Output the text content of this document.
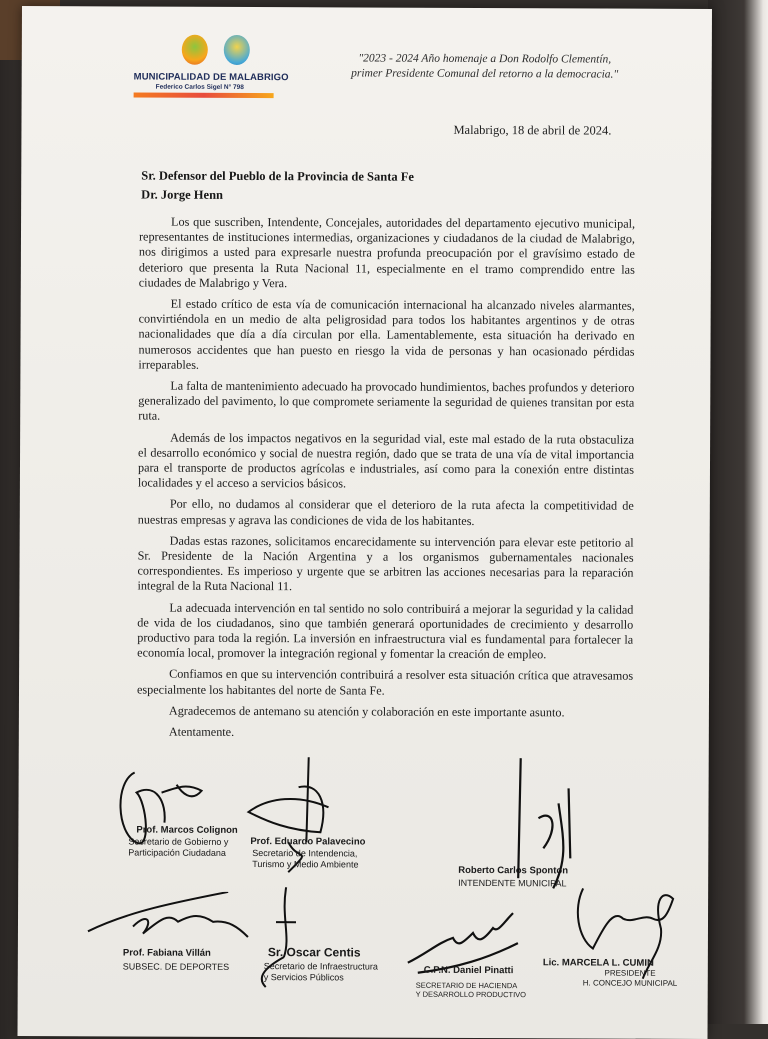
MUNICIPALIDAD DE MALABRIGO
Federico Carlos Sigel N° 798
"2023 - 2024 Año homenaje a Don Rodolfo Clementín,
primer Presidente Comunal del retorno a la democracia."
Malabrigo, 18 de abril de 2024.
Sr. Defensor del Pueblo de la Provincia de Santa Fe
Dr. Jorge Henn

Los que suscriben, Intendente, Concejales, autoridades del departamento ejecutivo municipal, representantes de instituciones intermedias, organizaciones y ciudadanos de la ciudad de Malabrigo, nos dirigimos a usted para expresarle nuestra profunda preocupación por el gravísimo estado de deterioro que presenta la Ruta Nacional 11, especialmente en el tramo comprendido entre las ciudades de Malabrigo y Vera.

El estado crítico de esta vía de comunicación internacional ha alcanzado niveles alarmantes, convirtiéndola en un medio de alta peligrosidad para todos los habitantes argentinos y de otras nacionalidades que día a día circulan por ella. Lamentablemente, esta situación ha derivado en numerosos accidentes que han puesto en riesgo la vida de personas y han ocasionado pérdidas irreparables.

La falta de mantenimiento adecuado ha provocado hundimientos, baches profundos y deterioro generalizado del pavimento, lo que compromete seriamente la seguridad de quienes transitan por esta ruta.

Además de los impactos negativos en la seguridad vial, este mal estado de la ruta obstaculiza el desarrollo económico y social de nuestra región, dado que se trata de una vía de vital importancia para el transporte de productos agrícolas e industriales, así como para la conexión entre distintas localidades y el acceso a servicios básicos.

Por ello, no dudamos al considerar que el deterioro de la ruta afecta la competitividad de nuestras empresas y agrava las condiciones de vida de los habitantes.

Dadas estas razones, solicitamos encarecidamente su intervención para elevar este petitorio al Sr. Presidente de la Nación Argentina y a los organismos gubernamentales nacionales correspondientes. Es imperioso y urgente que se arbitren las acciones necesarias para la reparación integral de la Ruta Nacional 11.

La adecuada intervención en tal sentido no solo contribuirá a mejorar la seguridad y la calidad de vida de los ciudadanos, sino que también generará oportunidades de crecimiento y desarrollo productivo para toda la región. La inversión en infraestructura vial es fundamental para fortalecer la economía local, promover la integración regional y fomentar la creación de empleo.

Confiamos en que su intervención contribuirá a resolver esta situación crítica que atravesamos especialmente los habitantes del norte de Santa Fe.

Agradecemos de antemano su atención y colaboración en este importante asunto.

Atentamente.

Prof. Marcos Colignon
Secretario de Gobierno y
Participación Ciudadana
Prof. Eduardo Palavecino
Secretario de Intendencia,
Turismo y Medio Ambiente
Roberto Carlos Sponton
INTENDENTE MUNICIPAL
Prof. Fabiana Villán
SUBSEC. DE DEPORTES
Sr. Oscar Centis
Secretario de Infraestructura
y Servicios Públicos
C.P.N. Daniel Pinatti
SECRETARIO DE HACIENDA
Y DESARROLLO PRODUCTIVO
Lic. MARCELA L. CUMIN
PRESIDENTE
H. CONCEJO MUNICIPAL
